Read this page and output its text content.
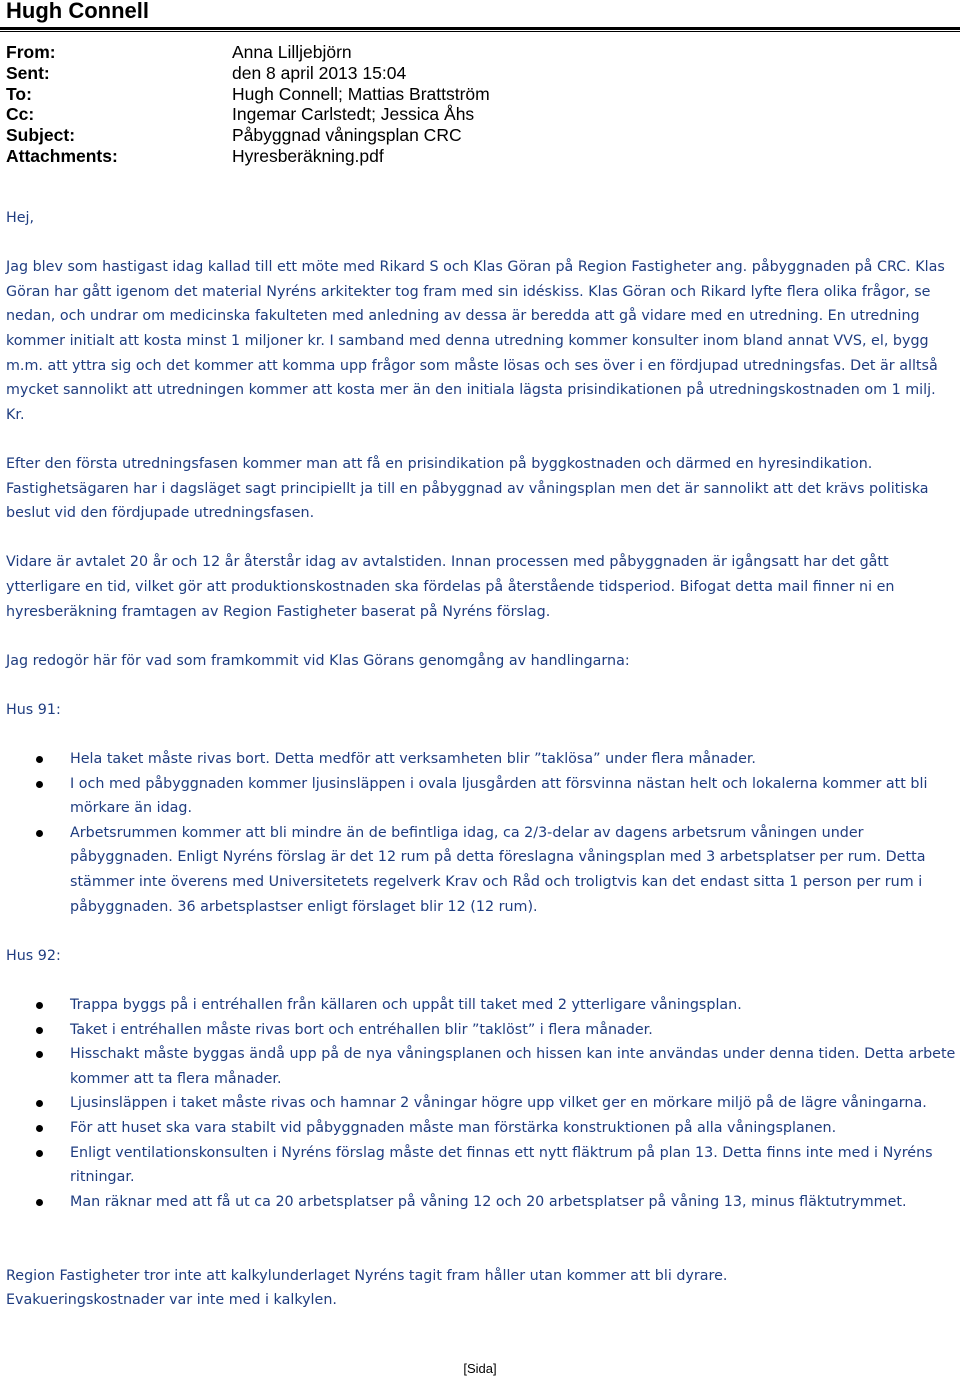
Hugh Connell
From:	Anna Lilljebjörn
Sent:	den 8 april 2013 15:04
To:	Hugh Connell; Mattias Brattström
Cc:	Ingemar Carlstedt; Jessica Åhs
Subject:	Påbyggnad våningsplan CRC
Attachments:	Hyresberäkning.pdf

Hej,

Jag blev som hastigast idag kallad till ett möte med Rikard S och Klas Göran på Region Fastigheter ang. påbyggnaden på CRC. Klas Göran har gått igenom det material Nyréns arkitekter tog fram med sin idéskiss. Klas Göran och Rikard lyfte flera olika frågor, se nedan, och undrar om medicinska fakulteten med anledning av dessa är beredda att gå vidare med en utredning. En utredning kommer initialt att kosta minst 1 miljoner kr. I samband med denna utredning kommer konsulter inom bland annat VVS, el, bygg m.m. att yttra sig och det kommer att komma upp frågor som måste lösas och ses över i en fördjupad utredningsfas. Det är alltså mycket sannolikt att utredningen kommer att kosta mer än den initiala lägsta prisindikationen på utredningskostnaden om 1 milj. Kr.

Efter den första utredningsfasen kommer man att få en prisindikation på byggkostnaden och därmed en hyresindikation. Fastighetsägaren har i dagsläget sagt principiellt ja till en påbyggnad av våningsplan men det är sannolikt att det krävs politiska beslut vid den fördjupade utredningsfasen.

Vidare är avtalet 20 år och 12 år återstår idag av avtalstiden. Innan processen med påbyggnaden är igångsatt har det gått ytterligare en tid, vilket gör att produktionskostnaden ska fördelas på återstående tidsperiod. Bifogat detta mail finner ni en hyresberäkning framtagen av Region Fastigheter baserat på Nyréns förslag.

Jag redogör här för vad som framkommit vid Klas Görans genomgång av handlingarna:

Hus 91:

Hela taket måste rivas bort. Detta medför att verksamheten blir ”taklösa” under flera månader.
I och med påbyggnaden kommer ljusinsläppen i ovala ljusgården att försvinna nästan helt och lokalerna kommer att bli mörkare än idag.
Arbetsrummen kommer att bli mindre än de befintliga idag, ca 2/3-delar av dagens arbetsrum våningen under påbyggnaden. Enligt Nyréns förslag är det 12 rum på detta föreslagna våningsplan med 3 arbetsplatser per rum. Detta stämmer inte överens med Universitetets regelverk Krav och Råd och troligtvis kan det endast sitta 1 person per rum i påbyggnaden. 36 arbetsplastser enligt förslaget blir 12 (12 rum).

Hus 92:

Trappa byggs på i entréhallen från källaren och uppåt till taket med 2 ytterligare våningsplan.
Taket i entréhallen måste rivas bort och entréhallen blir ”taklöst” i flera månader.
Hisschakt måste byggas ändå upp på de nya våningsplanen och hissen kan inte användas under denna tiden. Detta arbete kommer att ta flera månader.
Ljusinsläppen i taket måste rivas och hamnar 2 våningar högre upp vilket ger en mörkare miljö på de lägre våningarna.
För att huset ska vara stabilt vid påbyggnaden måste man förstärka konstruktionen på alla våningsplanen.
Enligt ventilationskonsulten i Nyréns förslag måste det finnas ett nytt fläktrum på plan 13. Detta finns inte med i Nyréns ritningar.
Man räknar med att få ut ca 20 arbetsplatser på våning 12 och 20 arbetsplatser på våning 13, minus fläktutrymmet.
Region Fastigheter tror inte att kalkylunderlaget Nyréns tagit fram håller utan kommer att bli dyrare.
Evakueringskostnader var inte med i kalkylen.
[Sida]
